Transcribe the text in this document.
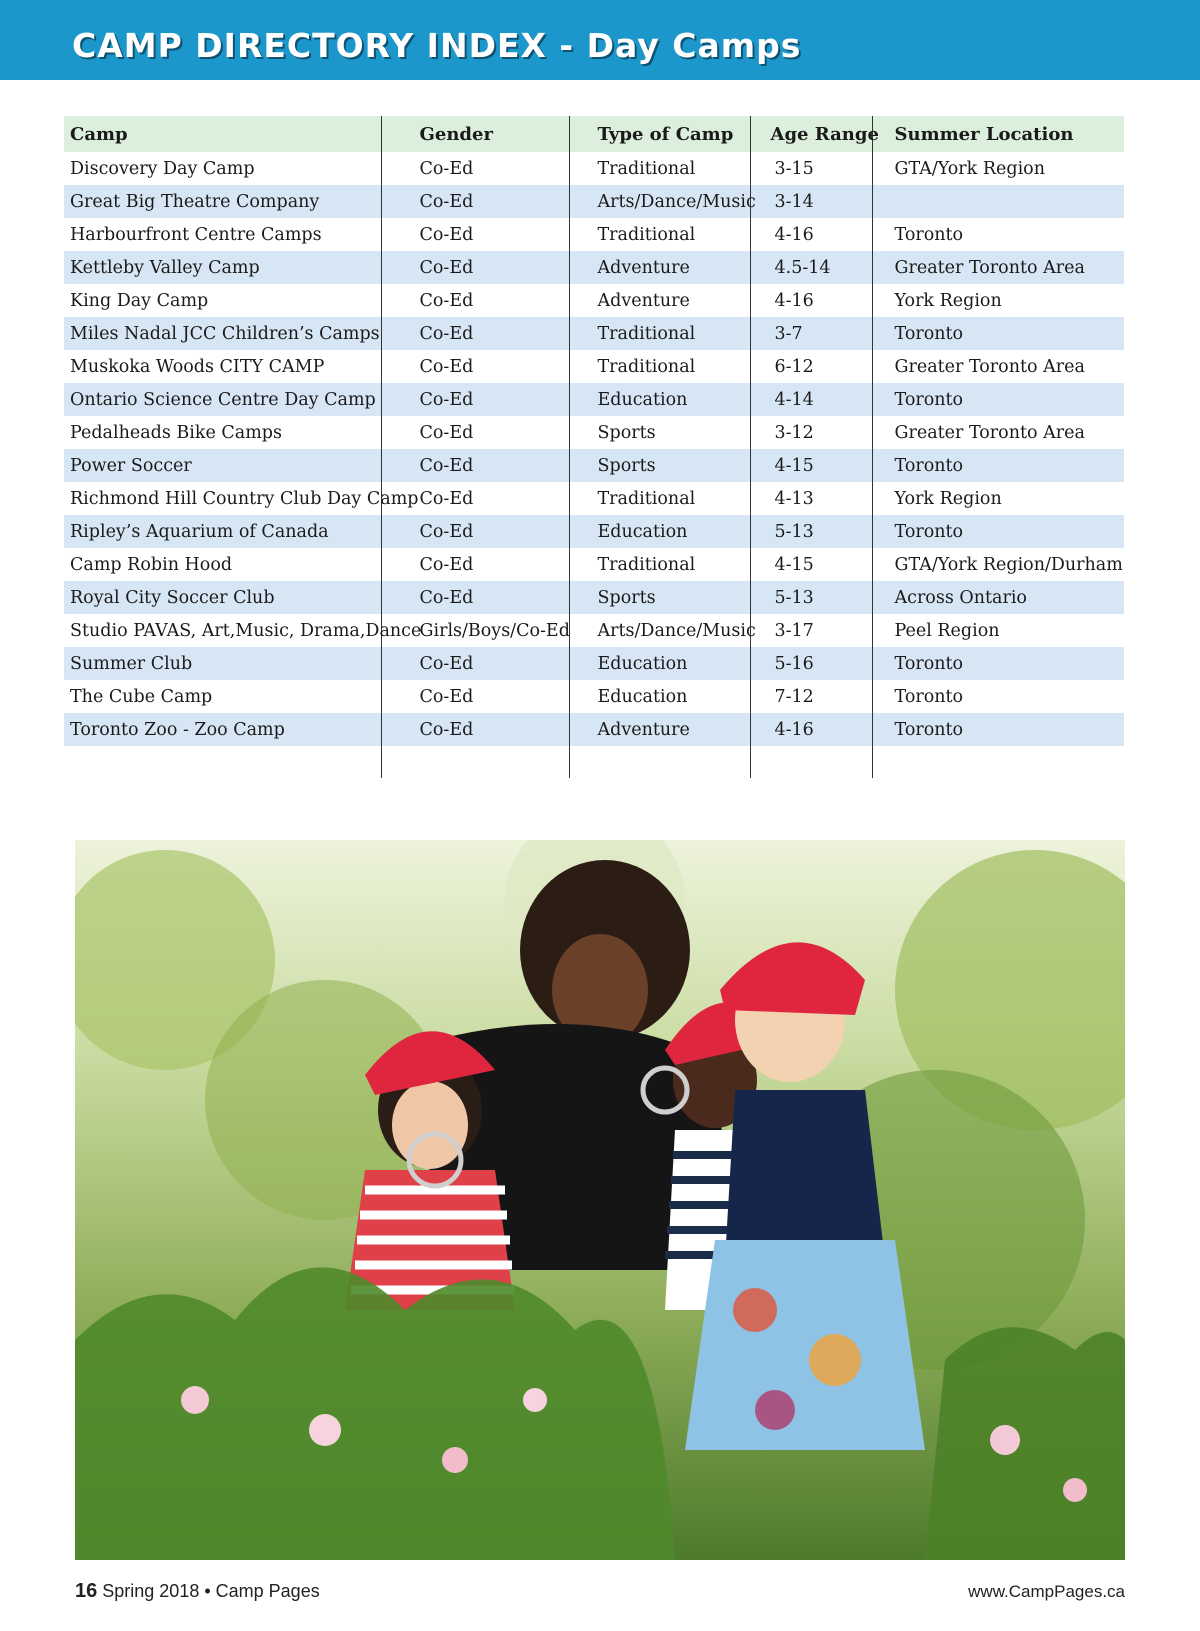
CAMP DIRECTORY INDEX - Day Camps
Camp	Gender	Type of Camp	Age Range	Summer Location
Discovery Day Camp	Co-Ed	Traditional	3-15	GTA/York Region
Great Big Theatre Company	Co-Ed	Arts/Dance/Music	3-14	
Harbourfront Centre Camps	Co-Ed	Traditional	4-16	Toronto
Kettleby Valley Camp	Co-Ed	Adventure	4.5-14	Greater Toronto Area
King Day Camp	Co-Ed	Adventure	4-16	York Region
Miles Nadal JCC Children’s Camps	Co-Ed	Traditional	3-7	Toronto
Muskoka Woods CITY CAMP	Co-Ed	Traditional	6-12	Greater Toronto Area
Ontario Science Centre Day Camp	Co-Ed	Education	4-14	Toronto
Pedalheads Bike Camps	Co-Ed	Sports	3-12	Greater Toronto Area
Power Soccer	Co-Ed	Sports	4-15	Toronto
Richmond Hill Country Club Day Camp	Co-Ed	Traditional	4-13	York Region
Ripley’s Aquarium of Canada	Co-Ed	Education	5-13	Toronto
Camp Robin Hood	Co-Ed	Traditional	4-15	GTA/York Region/Durham
Royal City Soccer Club	Co-Ed	Sports	5-13	Across Ontario
Studio PAVAS, Art,Music, Drama,Dance	Girls/Boys/Co-Ed	Arts/Dance/Music	3-17	Peel Region
Summer Club	Co-Ed	Education	5-16	Toronto
The Cube Camp	Co-Ed	Education	7-12	Toronto
Toronto Zoo - Zoo Camp	Co-Ed	Adventure	4-16	Toronto

16 Spring 2018 • Camp Pages	www.CampPages.ca
